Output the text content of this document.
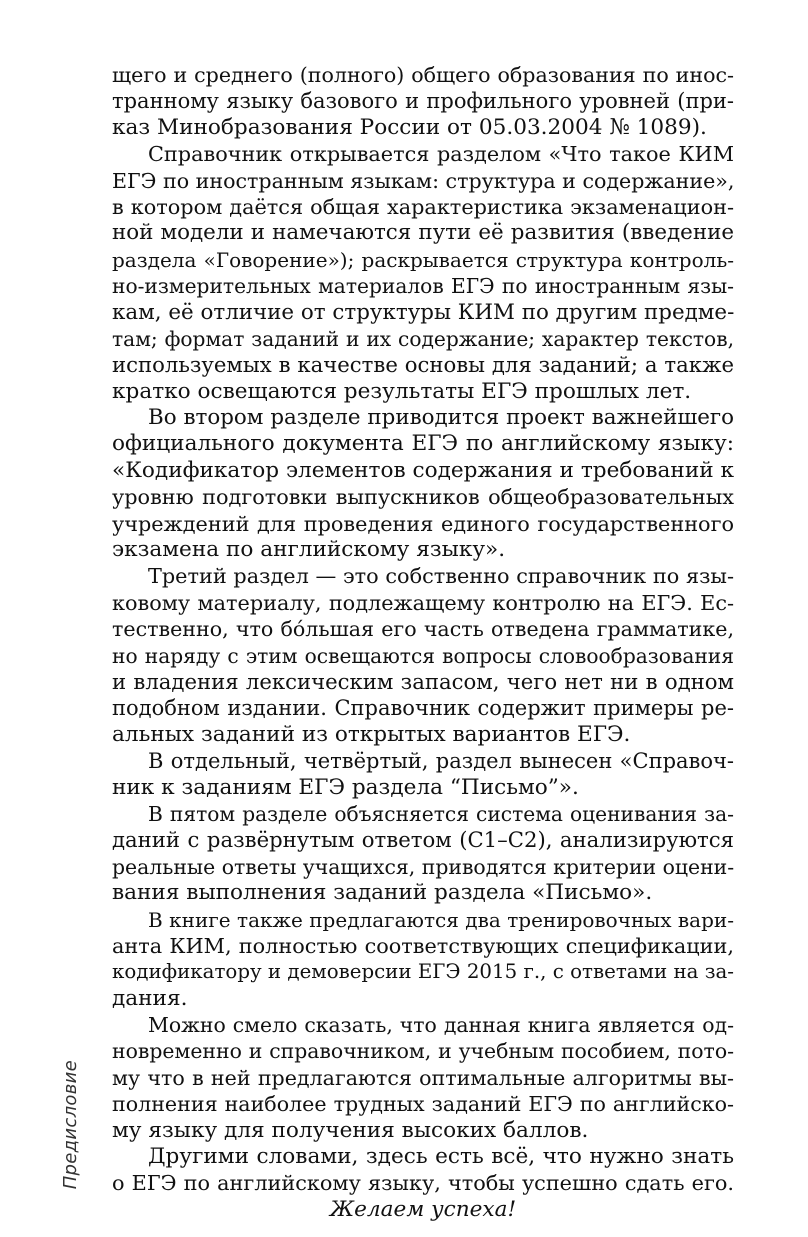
щего и среднего (полного) общего образования по инос-
транному языку базового и профильного уровней (при-
каз Минобразования России от 05.03.2004 № 1089).
Справочник открывается разделом «Что такое КИМ
ЕГЭ по иностранным языкам: структура и содержание»,
в котором даётся общая характеристика экзаменацион-
ной модели и намечаются пути её развития (введение
раздела «Говорение»); раскрывается структура контроль-
но-измерительных материалов ЕГЭ по иностранным язы-
кам, её отличие от структуры КИМ по другим предме-
там; формат заданий и их содержание; характер текстов,
используемых в качестве основы для заданий; а также
кратко освещаются результаты ЕГЭ прошлых лет.
Во втором разделе приводится проект важнейшего
официального документа ЕГЭ по английскому языку:
«Кодификатор элементов содержания и требований к
уровню подготовки выпускников общеобразовательных
учреждений для проведения единого государственного
экзамена по английскому языку».
Третий раздел — это собственно справочник по язы-
ковому материалу, подлежащему контролю на ЕГЭ. Ес-
тественно, что бо́льшая его часть отведена грамматике,
но наряду с этим освещаются вопросы словообразования
и владения лексическим запасом, чего нет ни в одном
подобном издании. Справочник содержит примеры ре-
альных заданий из открытых вариантов ЕГЭ.
В отдельный, четвёртый, раздел вынесен «Справоч-
ник к заданиям ЕГЭ раздела “Письмо”».
В пятом разделе объясняется система оценивания за-
даний с развёрнутым ответом (С1–С2), анализируются
реальные ответы учащихся, приводятся критерии оцени-
вания выполнения заданий раздела «Письмо».
В книге также предлагаются два тренировочных вари-
анта КИМ, полностью соответствующих спецификации,
кодификатору и демоверсии ЕГЭ 2015 г., с ответами на за-
дания.
Можно смело сказать, что данная книга является од-
новременно и справочником, и учебным пособием, пото-
му что в ней предлагаются оптимальные алгоритмы вы-
полнения наиболее трудных заданий ЕГЭ по английско-
му языку для получения высоких баллов.
Другими словами, здесь есть всё, что нужно знать
о ЕГЭ по английскому языку, чтобы успешно сдать его.
Желаем успеха!
Предисловие
